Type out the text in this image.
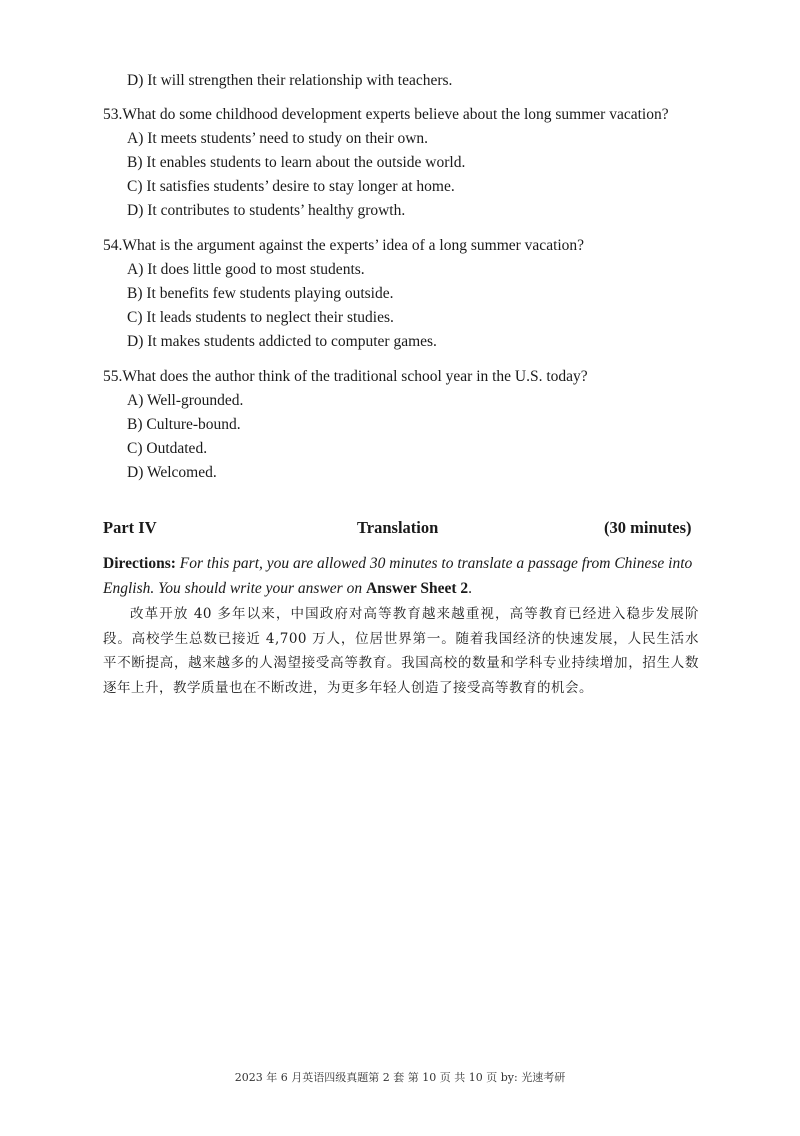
D) It will strengthen their relationship with teachers.
53.What do some childhood development experts believe about the long summer vacation?
A) It meets students’ need to study on their own.
B) It enables students to learn about the outside world.
C) It satisfies students’ desire to stay longer at home.
D) It contributes to students’ healthy growth.
54.What is the argument against the experts’ idea of a long summer vacation?
A) It does little good to most students.
B) It benefits few students playing outside.
C) It leads students to neglect their studies.
D) It makes students addicted to computer games.
55.What does the author think of the traditional school year in the U.S. today?
A) Well-grounded.
B) Culture-bound.
C) Outdated.
D) Welcomed.
Part IV	Translation	(30 minutes)
Directions: For this part, you are allowed 30 minutes to translate a passage from Chinese into English. You should write your answer on Answer Sheet 2.
改革开放 40 多年以来，中国政府对高等教育越来越重视，高等教育已经进入稳步发展阶段。高校学生总数已接近 4,700 万人，位居世界第一。随着我国经济的快速发展，人民生活水平不断提高，越来越多的人渴望接受高等教育。我国高校的数量和学科专业持续增加，招生人数逐年上升，教学质量也在不断改进，为更多年轻人创造了接受高等教育的机会。
2023 年 6 月英语四级真题第 2 套 第 10 页 共 10 页 by: 光速考研
